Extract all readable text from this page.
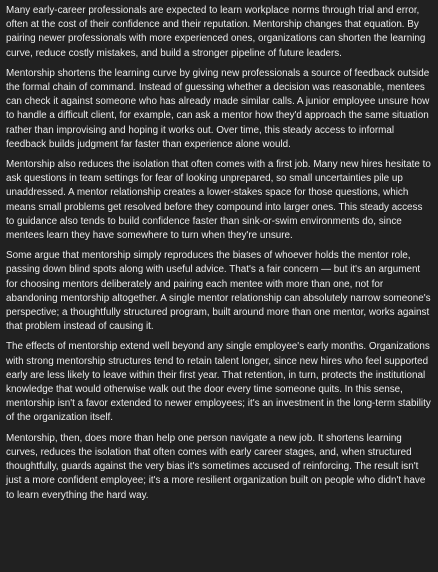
Many early-career professionals are expected to learn workplace norms through trial and error, often at the cost of their confidence and their reputation. Mentorship changes that equation. By pairing newer professionals with more experienced ones, organizations can shorten the learning curve, reduce costly mistakes, and build a stronger pipeline of future leaders.

Mentorship shortens the learning curve by giving new professionals a source of feedback outside the formal chain of command. Instead of guessing whether a decision was reasonable, mentees can check it against someone who has already made similar calls. A junior employee unsure how to handle a difficult client, for example, can ask a mentor how they'd approach the same situation rather than improvising and hoping it works out. Over time, this steady access to informal feedback builds judgment far faster than experience alone would.

Mentorship also reduces the isolation that often comes with a first job. Many new hires hesitate to ask questions in team settings for fear of looking unprepared, so small uncertainties pile up unaddressed. A mentor relationship creates a lower-stakes space for those questions, which means small problems get resolved before they compound into larger ones. This steady access to guidance also tends to build confidence faster than sink-or-swim environments do, since mentees learn they have somewhere to turn when they're unsure.

Some argue that mentorship simply reproduces the biases of whoever holds the mentor role, passing down blind spots along with useful advice. That's a fair concern — but it's an argument for choosing mentors deliberately and pairing each mentee with more than one, not for abandoning mentorship altogether. A single mentor relationship can absolutely narrow someone's perspective; a thoughtfully structured program, built around more than one mentor, works against that problem instead of causing it.

The effects of mentorship extend well beyond any single employee's early months. Organizations with strong mentorship structures tend to retain talent longer, since new hires who feel supported early are less likely to leave within their first year. That retention, in turn, protects the institutional knowledge that would otherwise walk out the door every time someone quits. In this sense, mentorship isn't a favor extended to newer employees; it's an investment in the long-term stability of the organization itself.

Mentorship, then, does more than help one person navigate a new job. It shortens learning curves, reduces the isolation that often comes with early career stages, and, when structured thoughtfully, guards against the very bias it's sometimes accused of reinforcing. The result isn't just a more confident employee; it's a more resilient organization built on people who didn't have to learn everything the hard way.
